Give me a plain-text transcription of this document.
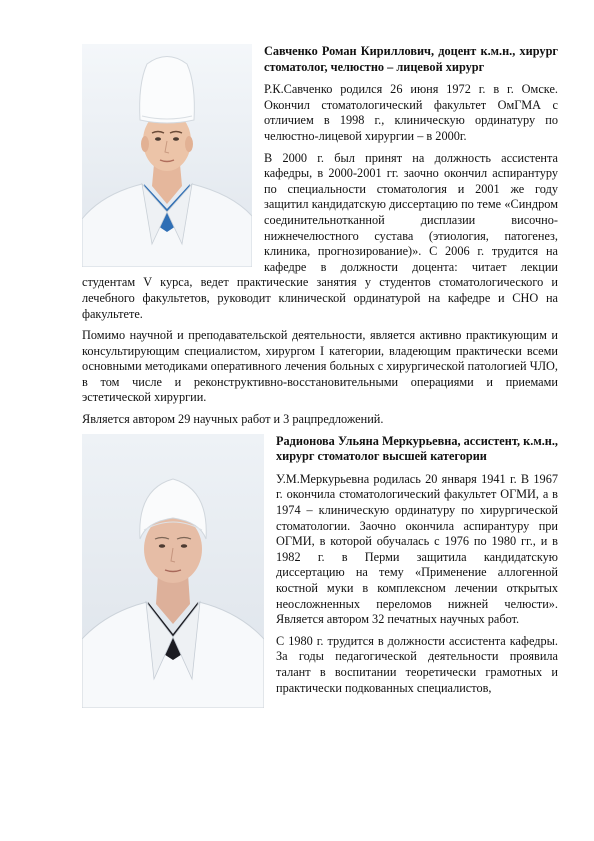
Савченко Роман Кириллович, доцент к.м.н., хирург стоматолог, челюстно – лицевой хирург

Р.К.Савченко родился 26 июня 1972 г. в г. Омске. Окончил стоматологический факультет ОмГМА с отличием в 1998 г., клиническую ординатуру по челюстно-лицевой хирургии – в 2000г.

В 2000 г. был принят на должность ассистента кафедры, в 2000-2001 гг. заочно окончил аспирантуру по специальности стоматология и 2001 же году защитил кандидатскую диссертацию по теме «Синдром соединительнотканной дисплазии височно-нижнечелюстного сустава (этиология, патогенез, клиника, прогнозирование)». С 2006 г. трудится на кафедре в должности доцента: читает лекции студентам V курса, ведет практические занятия у студентов стоматологического и лечебного факультетов, руководит клинической ординатурой на кафедре и СНО на факультете.

Помимо научной и преподавательской деятельности, является активно практикующим и консультирующим специалистом, хирургом I категории, владеющим практически всеми основными методиками оперативного лечения больных с хирургической патологией ЧЛО, в том числе и реконструктивно-восстановительными операциями и приемами эстетической хирургии.

Является автором 29 научных работ и 3 рацпредложений.

Радионова Ульяна Меркурьевна, ассистент, к.м.н., хирург стоматолог высшей категории

У.М.Меркурьевна родилась 20 января 1941 г. В 1967 г. окончила стоматологический факультет ОГМИ, а в 1974 – клиническую ординатуру по хирургической стоматологии. Заочно окончила аспирантуру при ОГМИ, в которой обучалась с 1976 по 1980 гг., и в 1982 г. в Перми защитила кандидатскую диссертацию на тему «Применение аллогенной костной муки в комплексном лечении открытых неосложненных переломов нижней челюсти». Является автором 32 печатных научных работ.

С 1980 г. трудится в должности ассистента кафедры. За годы педагогической деятельности проявила талант в воспитании теоретически грамотных и практически подкованных специалистов,
